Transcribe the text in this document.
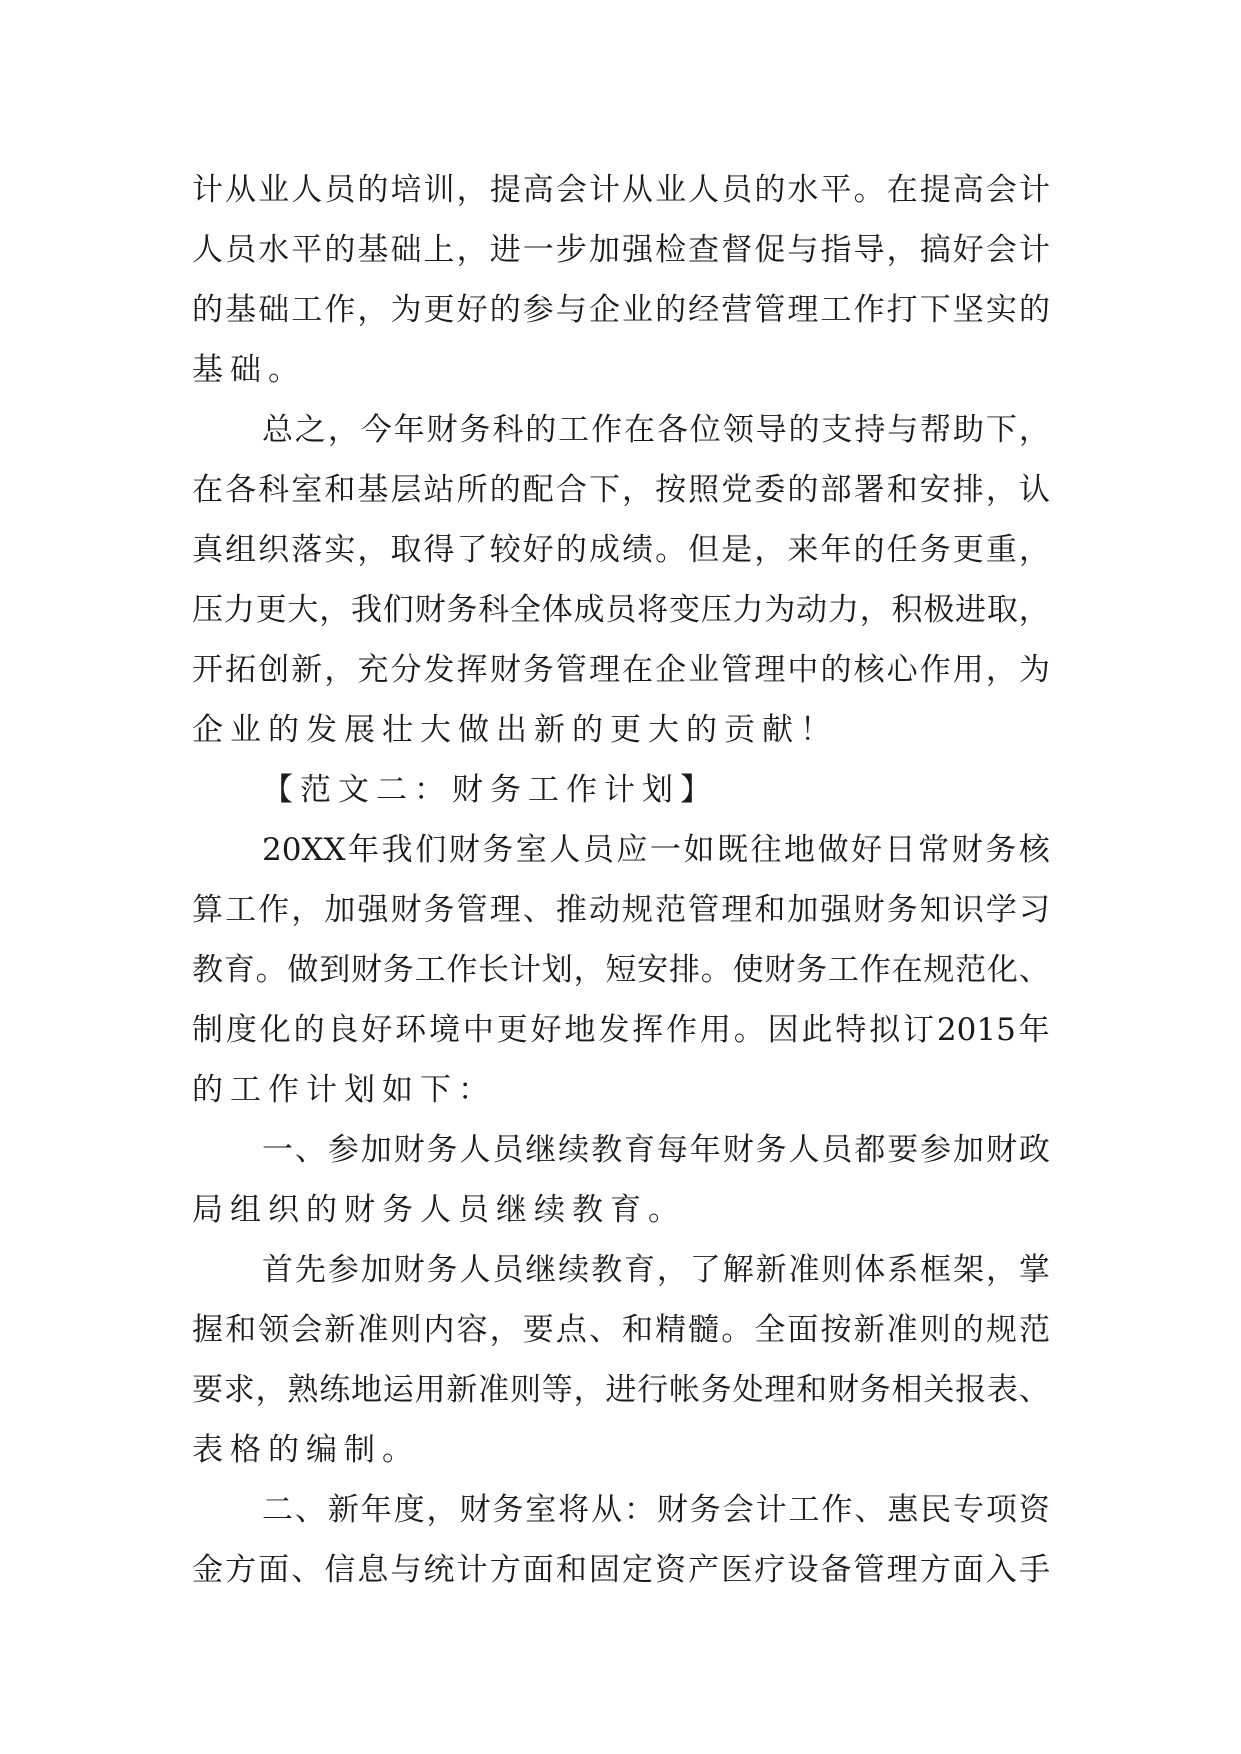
计 从 业 人 员 的 培 训 ， 提 高 会 计 从 业 人 员 的 水 平 。 在 提 高 会 计
人 员 水 平 的 基 础 上 ， 进 一 步 加 强 检 查 督 促 与 指 导 ， 搞 好 会 计
的 基 础 工 作 ， 为 更 好 的 参 与 企 业 的 经 营 管 理 工 作 打 下 坚 实 的
基础。
总 之 ， 今 年 财 务 科 的 工 作 在 各 位 领 导 的 支 持 与 帮 助 下 ，
在 各 科 室 和 基 层 站 所 的 配 合 下 ， 按 照 党 委 的 部 署 和 安 排 ， 认
真 组 织 落 实 ， 取 得 了 较 好 的 成 绩 。 但 是 ， 来 年 的 任 务 更 重 ，
压 力 更 大 ， 我 们 财 务 科 全 体 成 员 将 变 压 力 为 动 力 ， 积 极 进 取 ，
开 拓 创 新 ， 充 分 发 挥 财 务 管 理 在 企 业 管 理 中 的 核 心 作 用 ， 为
企业的发展壮大做出新的更大的贡献！
【范文二：财务工作计划】
20XX 年 我 们 财 务 室 人 员 应 一 如 既 往 地 做 好 日 常 财 务 核
算 工 作 ， 加 强 财 务 管 理 、 推 动 规 范 管 理 和 加 强 财 务 知 识 学 习
教 育 。 做 到 财 务 工 作 长 计 划 ， 短 安 排 。 使 财 务 工 作 在 规 范 化 、
制 度 化 的 良 好 环 境 中 更 好 地 发 挥 作 用 。 因 此 特 拟 订 2015 年
的工作计划如下：
一 、 参 加 财 务 人 员 继 续 教 育 每 年 财 务 人 员 都 要 参 加 财 政
局组织的财务人员继续教育。
首 先 参 加 财 务 人 员 继 续 教 育 ， 了 解 新 准 则 体 系 框 架 ， 掌
握 和 领 会 新 准 则 内 容 ， 要 点 、 和 精 髓 。 全 面 按 新 准 则 的 规 范
要 求 ， 熟 练 地 运 用 新 准 则 等 ， 进 行 帐 务 处 理 和 财 务 相 关 报 表 、
表格的编制。
二 、 新 年 度 ， 财 务 室 将 从 ： 财 务 会 计 工 作 、 惠 民 专 项 资
金 方 面 、 信 息 与 统 计 方 面 和 固 定 资 产 医 疗 设 备 管 理 方 面 入 手
